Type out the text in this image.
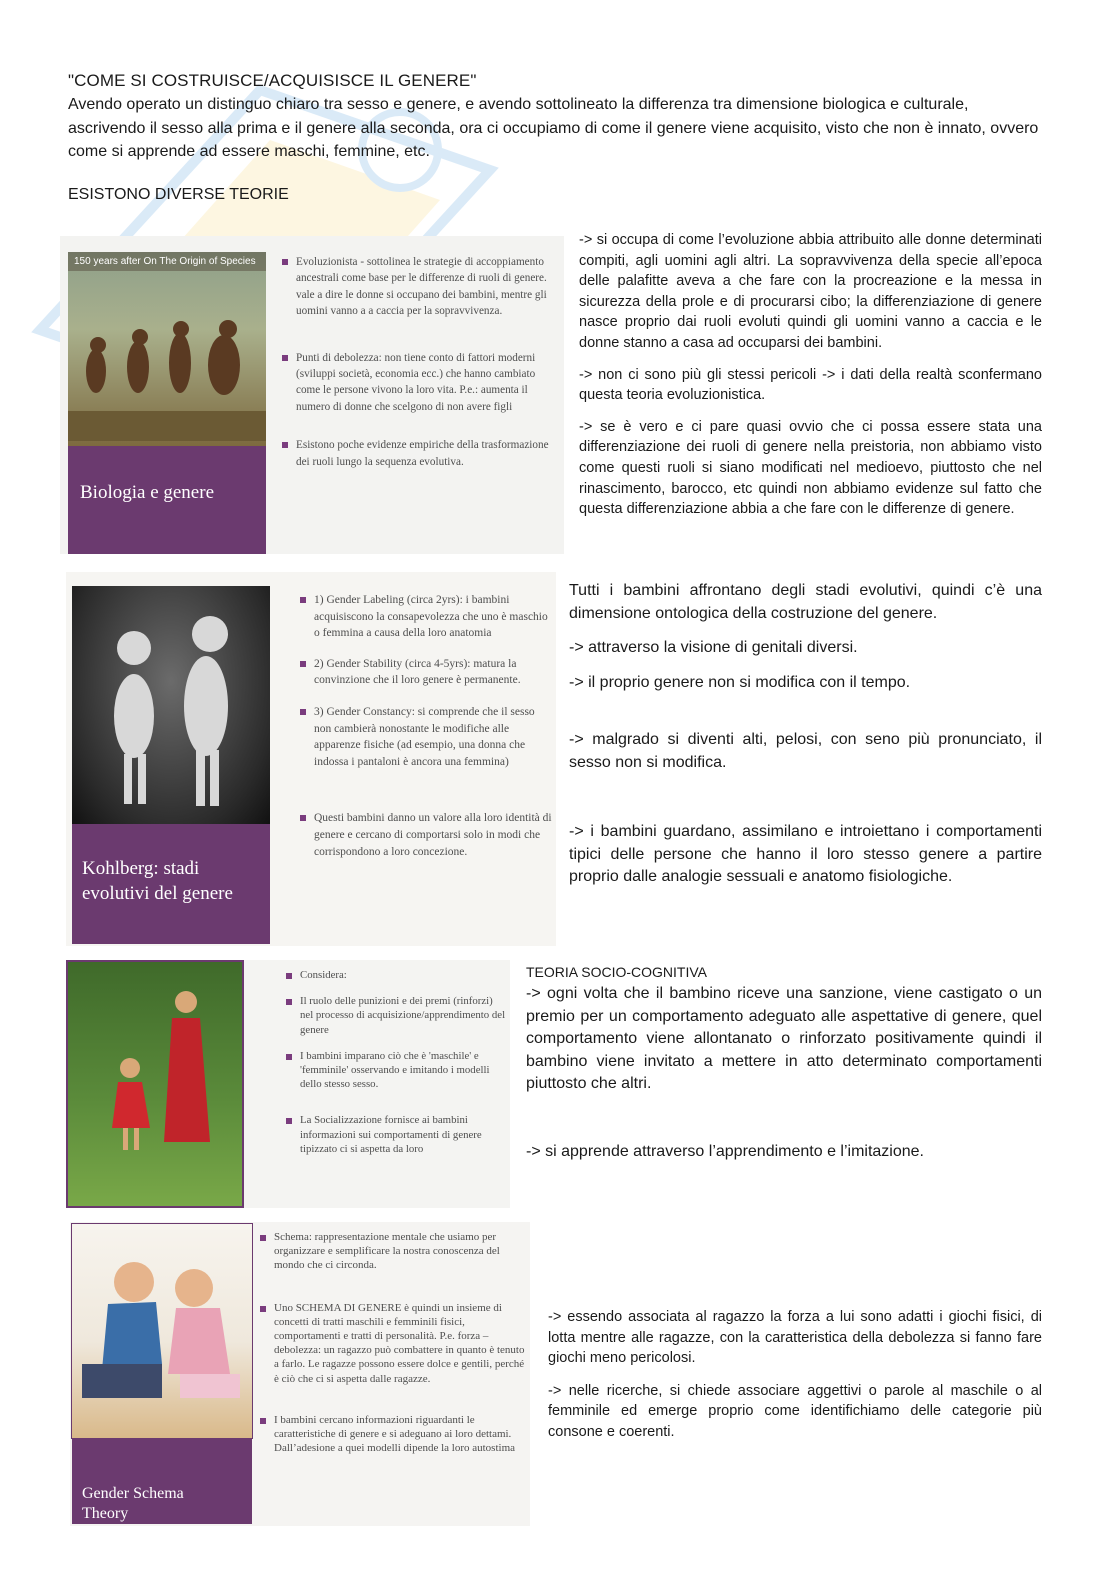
"COME SI COSTRUISCE/ACQUISISCE IL GENERE"
Avendo operato un distinguo chiaro tra sesso e genere, e avendo sottolineato la differenza tra dimensione biologica e culturale, ascrivendo il sesso alla prima e il genere alla seconda, ora ci occupiamo di come il genere viene acquisito, visto che non è innato, ovvero come si apprende ad essere maschi, femmine, etc.
ESISTONO DIVERSE TEORIE
150 years after On The Origin of Species
Biologia e genere
Evoluzionista - sottolinea le strategie di accoppiamento ancestrali come base per le differenze di ruoli di genere. vale a dire le donne si occupano dei bambini, mentre gli uomini vanno a a caccia per la sopravvivenza.
Punti di debolezza: non tiene conto di fattori moderni (sviluppi società, economia ecc.) che hanno cambiato come le persone vivono la loro vita. P.e.: aumenta il numero di donne che scelgono di non avere figli
Esistono poche evidenze empiriche della trasformazione dei ruoli lungo la sequenza evolutiva.

-> si occupa di come l’evoluzione abbia attribuito alle donne determinati compiti, agli uomini agli altri. La sopravvivenza della specie all’epoca delle palafitte aveva a che fare con la procreazione e la messa in sicurezza della prole e di procurarsi cibo; la differenziazione di genere nasce proprio dai ruoli evoluti quindi gli uomini vanno a caccia e le donne stanno a casa ad occuparsi dei bambini.

-> non ci sono più gli stessi pericoli -> i dati della realtà sconfermano questa teoria evoluzionistica.

-> se è vero e ci pare quasi ovvio che ci possa essere stata una differenziazione dei ruoli di genere nella preistoria, non abbiamo visto come questi ruoli si siano modificati nel medioevo, piuttosto che nel rinascimento, barocco, etc quindi non abbiamo evidenze sul fatto che questa differenziazione abbia a che fare con le differenze di genere.

Kohlberg: stadi evolutivi del genere
1) Gender Labeling (circa 2yrs): i bambini acquisiscono la consapevolezza che uno è maschio o femmina a causa della loro anatomia
2) Gender Stability (circa 4-5yrs): matura la convinzione che il loro genere è permanente.
3) Gender Constancy: si comprende che il sesso non cambierà nonostante le modifiche alle apparenze fisiche (ad esempio, una donna che indossa i pantaloni è ancora una femmina)
Questi bambini danno un valore alla loro identità di genere e cercano di comportarsi solo in modi che corrispondono a loro concezione.

Tutti i bambini affrontano degli stadi evolutivi, quindi c’è una dimensione ontologica della costruzione del genere.

-> attraverso la visione di genitali diversi.

-> il proprio genere non si modifica con il tempo.

-> malgrado si diventi alti, pelosi, con seno più pronunciato, il sesso non si modifica.

-> i bambini guardano, assimilano e introiettano i comportamenti tipici delle persone che hanno il loro stesso genere a partire proprio dalle analogie sessuali e anatomo fisiologiche.

Considera:
Il ruolo delle punizioni e dei premi (rinforzi) nel processo di acquisizione/apprendimento del genere
I bambini imparano ciò che è 'maschile' e 'femminile' osservando e imitando i modelli dello stesso sesso.
La Socializzazione fornisce ai bambini informazioni sui comportamenti di genere tipizzato ci si aspetta da loro
TEORIA SOCIO-COGNITIVA

-> ogni volta che il bambino riceve una sanzione, viene castigato o un premio per un comportamento adeguato alle aspettative di genere, quel comportamento viene allontanato o rinforzato positivamente quindi il bambino viene invitato a mettere in atto determinato comportamenti piuttosto che altri.

-> si apprende attraverso l’apprendimento e l’imitazione.

Gender Schema Theory
Schema: rappresentazione mentale che usiamo per organizzare e semplificare la nostra conoscenza del mondo che ci circonda.
Uno SCHEMA DI GENERE è quindi un insieme di concetti di tratti maschili e femminili fisici, comportamenti e tratti di personalità. P.e. forza – debolezza: un ragazzo può combattere in quanto è tenuto a farlo. Le ragazze possono essere dolce e gentili, perché è ciò che ci si aspetta dalle ragazze.
I bambini cercano informazioni riguardanti le caratteristiche di genere e si adeguano ai loro dettami. Dall’adesione a quei modelli dipende la loro autostima

-> essendo associata al ragazzo la forza a lui sono adatti i giochi fisici, di lotta mentre alle ragazze, con la caratteristica della debolezza si fanno fare giochi meno pericolosi.

-> nelle ricerche, si chiede associare aggettivi o parole al maschile o al femminile ed emerge proprio come identifichiamo delle categorie più consone e coerenti.
